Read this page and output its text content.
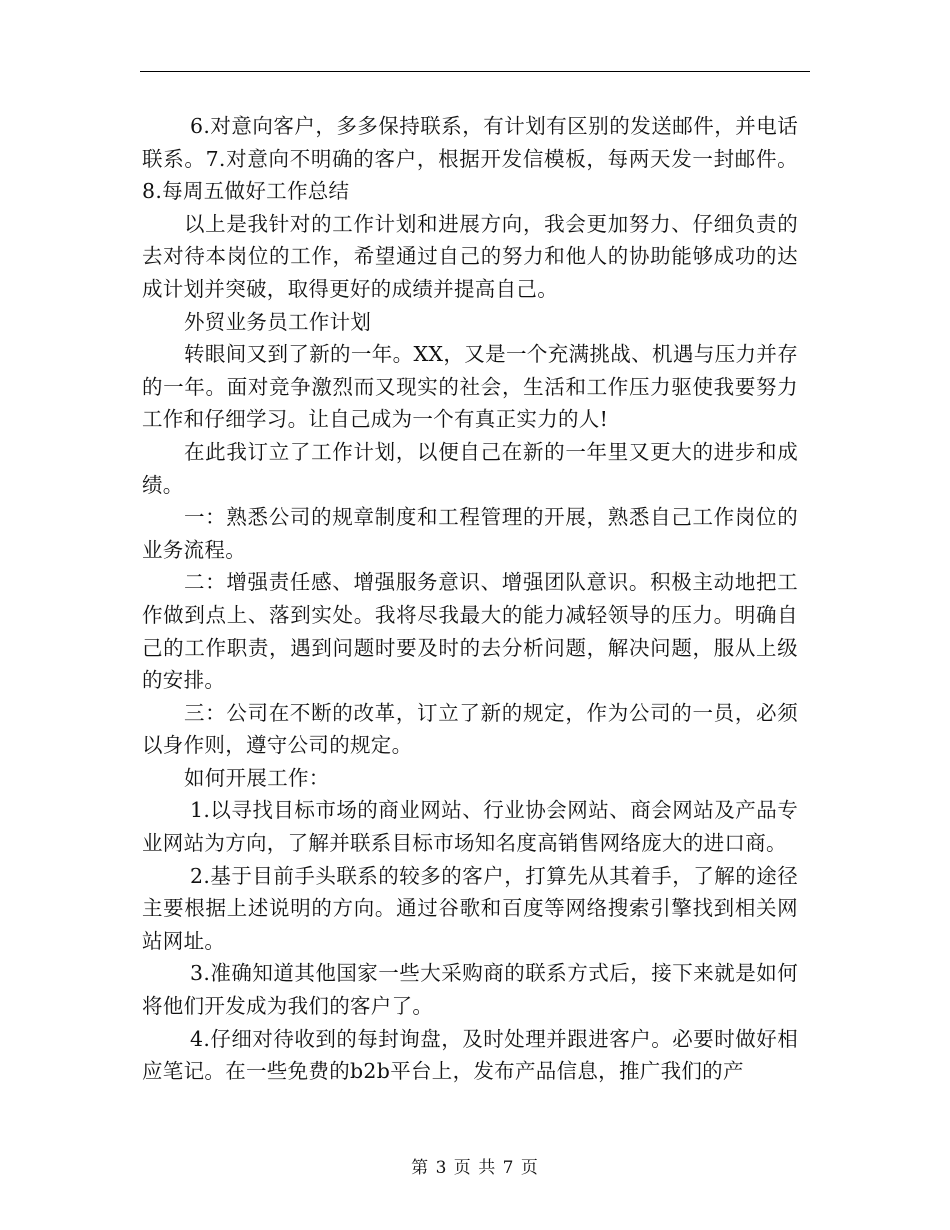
6.对意向客户，多多保持联系，有计划有区别的发送邮件，并电话联系。7.对意向不明确的客户，根据开发信模板，每两天发一封邮件。8.每周五做好工作总结

以上是我针对的工作计划和进展方向，我会更加努力、仔细负责的去对待本岗位的工作，希望通过自己的努力和他人的协助能够成功的达成计划并突破，取得更好的成绩并提高自己。

外贸业务员工作计划

转眼间又到了新的一年。XX，又是一个充满挑战、机遇与压力并存的一年。面对竞争激烈而又现实的社会，生活和工作压力驱使我要努力工作和仔细学习。让自己成为一个有真正实力的人!

在此我订立了工作计划，以便自己在新的一年里又更大的进步和成绩。

一：熟悉公司的规章制度和工程管理的开展，熟悉自己工作岗位的业务流程。

二：增强责任感、增强服务意识、增强团队意识。积极主动地把工作做到点上、落到实处。我将尽我最大的能力减轻领导的压力。明确自己的工作职责，遇到问题时要及时的去分析问题，解决问题，服从上级的安排。

三：公司在不断的改革，订立了新的规定，作为公司的一员，必须以身作则，遵守公司的规定。

如何开展工作：

1.以寻找目标市场的商业网站、行业协会网站、商会网站及产品专业网站为方向，了解并联系目标市场知名度高销售网络庞大的进口商。

2.基于目前手头联系的较多的客户，打算先从其着手，了解的途径主要根据上述说明的方向。通过谷歌和百度等网络搜索引擎找到相关网站网址。

3.准确知道其他国家一些大采购商的联系方式后，接下来就是如何将他们开发成为我们的客户了。

4.仔细对待收到的每封询盘，及时处理并跟进客户。必要时做好相应笔记。在一些免费的b2b平台上，发布产品信息，推广我们的产

第 3 页 共 7 页
